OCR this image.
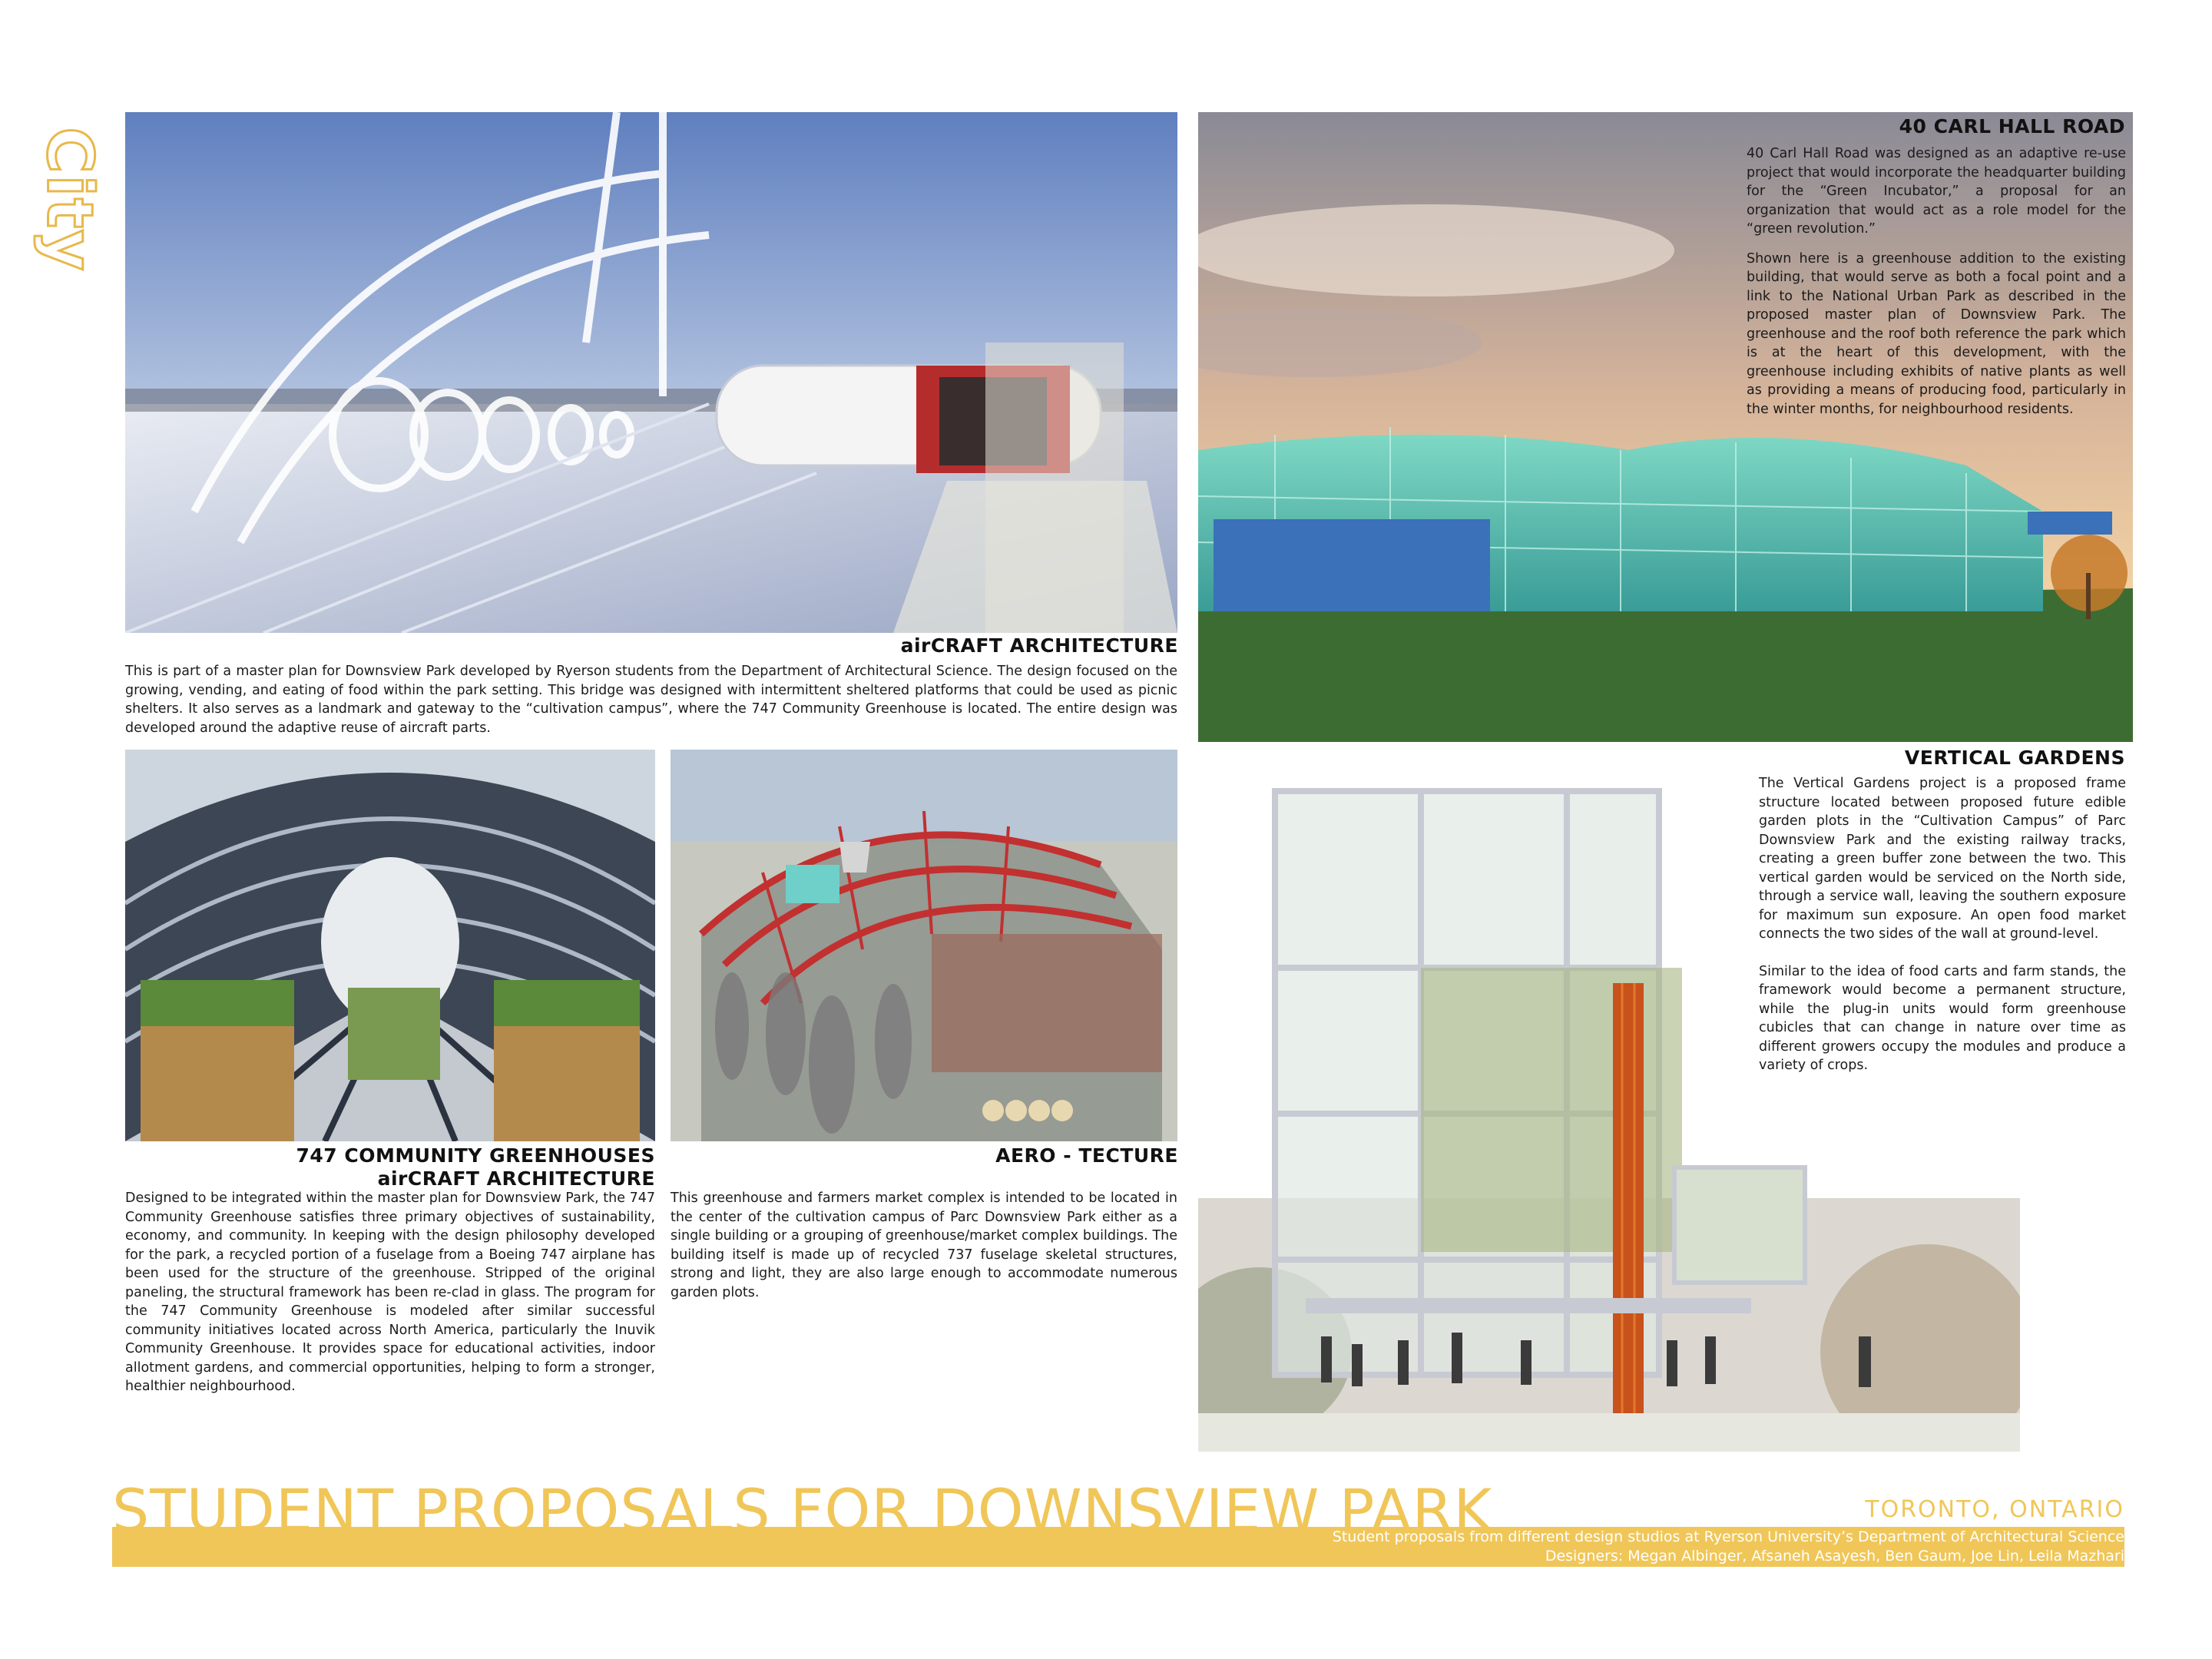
City
airCRAFT ARCHITECTURE
This is part of a master plan for Downsview Park developed by Ryerson students from the Department of Architectural Science. The design focused on the growing, vending, and eating of food within the park setting. This bridge was designed with intermittent sheltered platforms that could be used as picnic shelters. It also serves as a landmark and gateway to the “cultivation campus”, where the 747 Community Greenhouse is located. The entire design was developed around the adaptive reuse of aircraft parts.
40 CARL HALL ROAD

40 Carl Hall Road was designed as an adaptive re-use project that would incorporate the headquarter building for the “Green Incubator,” a proposal for an organization that would act as a role model for the “green revolution.”

Shown here is a greenhouse addition to the existing building, that would serve as both a focal point and a link to the National Urban Park as described in the proposed master plan of Downsview Park. The greenhouse and the roof both reference the park which is at the heart of this development, with the greenhouse including exhibits of native plants as well as providing a means of producing food, particularly in the winter months, for neighbourhood residents.

VERTICAL GARDENS

The Vertical Gardens project is a proposed frame structure located between proposed future edible garden plots in the “Cultivation Campus” of Parc Downsview Park and the existing railway tracks, creating a green buffer zone between the two. This vertical garden would be serviced on the North side, through a service wall, leaving the southern exposure for maximum sun exposure. An open food market connects the two sides of the wall at ground-level.

Similar to the idea of food carts and farm stands, the framework would become a permanent structure, while the plug-in units would form greenhouse cubicles that can change in nature over time as different growers occupy the modules and produce a variety of crops.

747 COMMUNITY GREENHOUSES
airCRAFT ARCHITECTURE
Designed to be integrated within the master plan for Downsview Park, the 747 Community Greenhouse satisfies three primary objectives of sustainability, economy, and community. In keeping with the design philosophy developed for the park, a recycled portion of a fuselage from a Boeing 747 airplane has been used for the structure of the greenhouse. Stripped of the original paneling, the structural framework has been re-clad in glass. The program for the 747 Community Greenhouse is modeled after similar successful community initiatives located across North America, particularly the Inuvik Community Greenhouse. It provides space for educational activities, indoor allotment gardens, and commercial opportunities, helping to form a stronger, healthier neighbourhood.
AERO - TECTURE
This greenhouse and farmers market complex is intended to be located in the center of the cultivation campus of Parc Downsview Park either as a single building or a grouping of greenhouse/market complex buildings. The building itself is made up of recycled 737 fuselage skeletal structures, strong and light, they are also large enough to accommodate numerous garden plots.
STUDENT PROPOSALS FOR DOWNSVIEW PARK	TORONTO, ONTARIO
Student proposals from different design studios at Ryerson University’s Department of Architectural Science
Designers: Megan Albinger, Afsaneh Asayesh, Ben Gaum, Joe Lin, Leila Mazhari
